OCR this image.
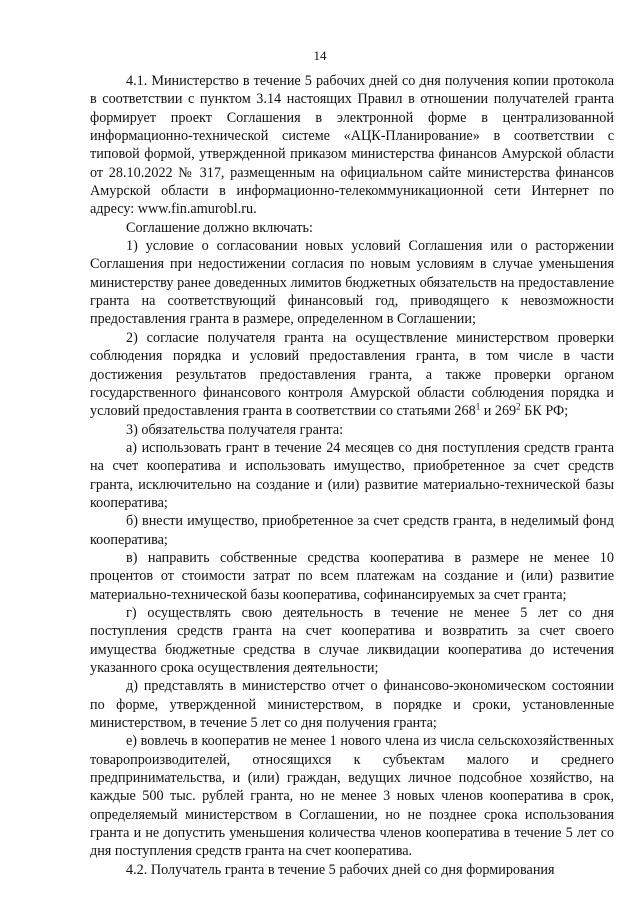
14

4.1. Министерство в течение 5 рабочих дней со дня получения копии протокола в соответствии с пунктом 3.14 настоящих Правил в отношении получателей гранта формирует проект Соглашения в электронной форме в централизованной информационно-технической системе «АЦК-Планирование» в соответствии с типовой формой, утвержденной приказом министерства финансов Амурской области от 28.10.2022 № 317, размещенным на официальном сайте министерства финансов Амурской области в информационно-телекоммуникационной сети Интернет по адресу: www.fin.amurobl.ru.

Соглашение должно включать:

1) условие о согласовании новых условий Соглашения или о расторжении Соглашения при недостижении согласия по новым условиям в случае уменьшения министерству ранее доведенных лимитов бюджетных обязательств на предоставление гранта на соответствующий финансовый год, приводящего к невозможности предоставления гранта в размере, определенном в Соглашении;

2) согласие получателя гранта на осуществление министерством проверки соблюдения порядка и условий предоставления гранта, в том числе в части достижения результатов предоставления гранта, а также проверки органом государственного финансового контроля Амурской области соблюдения порядка и условий предоставления гранта в соответствии со статьями $268^1$ и $269^2$ БК РФ;

3) обязательства получателя гранта:

а) использовать грант в течение 24 месяцев со дня поступления средств гранта на счет кооператива и использовать имущество, приобретенное за счет средств гранта, исключительно на создание и (или) развитие материально-технической базы кооператива;

б) внести имущество, приобретенное за счет средств гранта, в неделимый фонд кооператива;

в) направить собственные средства кооператива в размере не менее 10 процентов от стоимости затрат по всем платежам на создание и (или) развитие материально-технической базы кооператива, софинансируемых за счет гранта;

г) осуществлять свою деятельность в течение не менее 5 лет со дня поступления средств гранта на счет кооператива и возвратить за счет своего имущества бюджетные средства в случае ликвидации кооператива до истечения указанного срока осуществления деятельности;

д) представлять в министерство отчет о финансово-экономическом состоянии по форме, утвержденной министерством, в порядке и сроки, установленные министерством, в течение 5 лет со дня получения гранта;

е) вовлечь в кооператив не менее 1 нового члена из числа сельскохозяйственных товаропроизводителей, относящихся к субъектам малого и среднего предпринимательства, и (или) граждан, ведущих личное подсобное хозяйство, на каждые 500 тыс. рублей гранта, но не менее 3 новых членов кооператива в срок, определяемый министерством в Соглашении, но не позднее срока использования гранта и не допустить уменьшения количества членов кооператива в течение 5 лет со дня поступления средств гранта на счет кооператива.

4.2. Получатель гранта в течение 5 рабочих дней со дня формирования
